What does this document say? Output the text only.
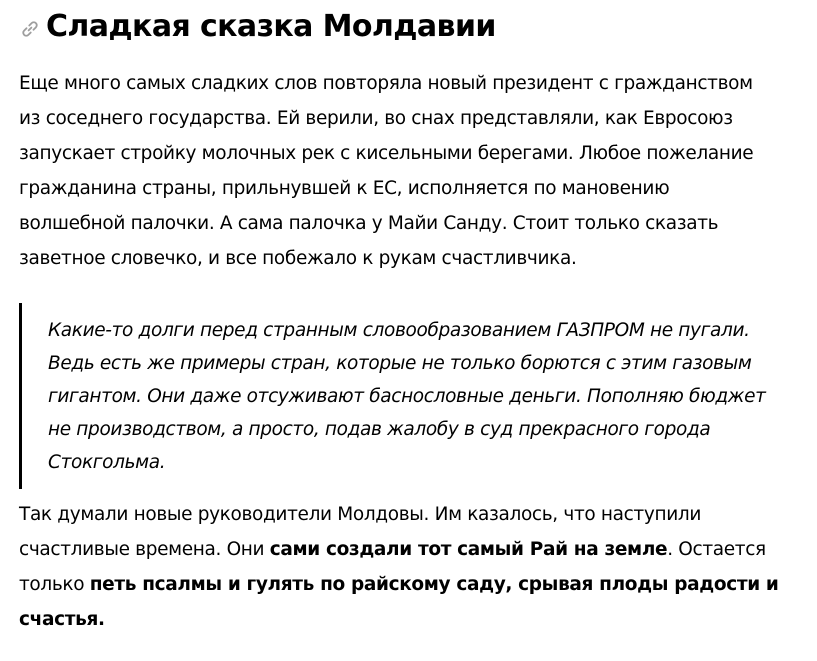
Сладкая сказка Молдавии

Еще много самых сладких слов повторяла новый президент с гражданством из соседнего государства. Ей верили, во снах представляли, как Евросоюз запускает стройку молочных рек с кисельными берегами. Любое пожелание гражданина страны, прильнувшей к ЕС, исполняется по мановению волшебной палочки. А сама палочка у Майи Санду. Стоит только сказать заветное словечко, и все побежало к рукам счастливчика.

Какие-то долги перед странным словообразованием ГАЗПРОМ не пугали. Ведь есть же примеры стран, которые не только борются с этим газовым гигантом. Они даже отсуживают баснословные деньги. Пополняю бюджет не производством, а просто, подав жалобу в суд прекрасного города Стокгольма.

Так думали новые руководители Молдовы. Им казалось, что наступили счастливые времена. Они сами создали тот самый Рай на земле. Остается только петь псалмы и гулять по райскому саду, срывая плоды радости и счастья.
